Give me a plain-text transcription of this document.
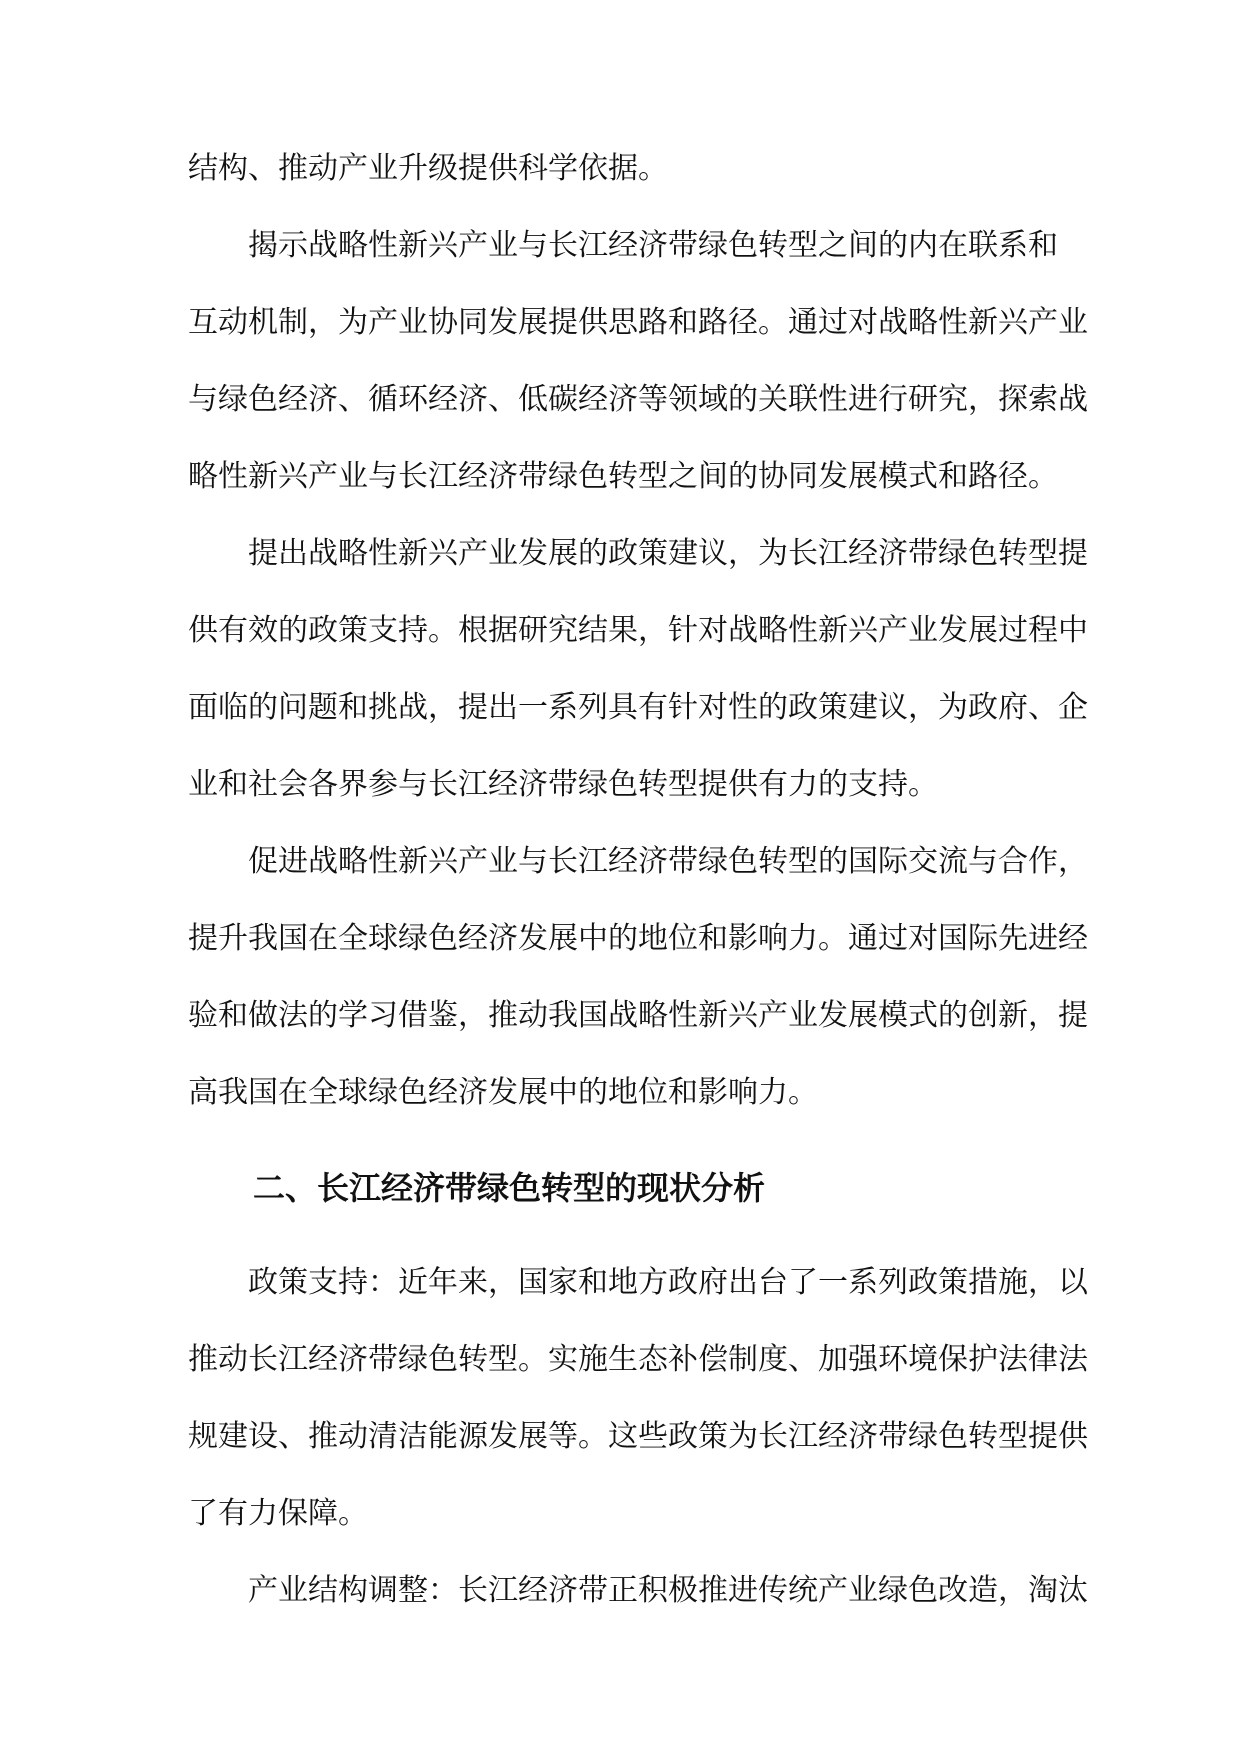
结构、推动产业升级提供科学依据。
揭示战略性新兴产业与长江经济带绿色转型之间的内在联系和
互动机制，为产业协同发展提供思路和路径。通过对战略性新兴产业
与绿色经济、循环经济、低碳经济等领域的关联性进行研究，探索战
略性新兴产业与长江经济带绿色转型之间的协同发展模式和路径。
提出战略性新兴产业发展的政策建议，为长江经济带绿色转型提
供有效的政策支持。根据研究结果，针对战略性新兴产业发展过程中
面临的问题和挑战，提出一系列具有针对性的政策建议，为政府、企
业和社会各界参与长江经济带绿色转型提供有力的支持。
促进战略性新兴产业与长江经济带绿色转型的国际交流与合作，
提升我国在全球绿色经济发展中的地位和影响力。通过对国际先进经
验和做法的学习借鉴，推动我国战略性新兴产业发展模式的创新，提
高我国在全球绿色经济发展中的地位和影响力。
二、长江经济带绿色转型的现状分析
政策支持：近年来，国家和地方政府出台了一系列政策措施，以
推动长江经济带绿色转型。实施生态补偿制度、加强环境保护法律法
规建设、推动清洁能源发展等。这些政策为长江经济带绿色转型提供
了有力保障。
产业结构调整：长江经济带正积极推进传统产业绿色改造，淘汰
